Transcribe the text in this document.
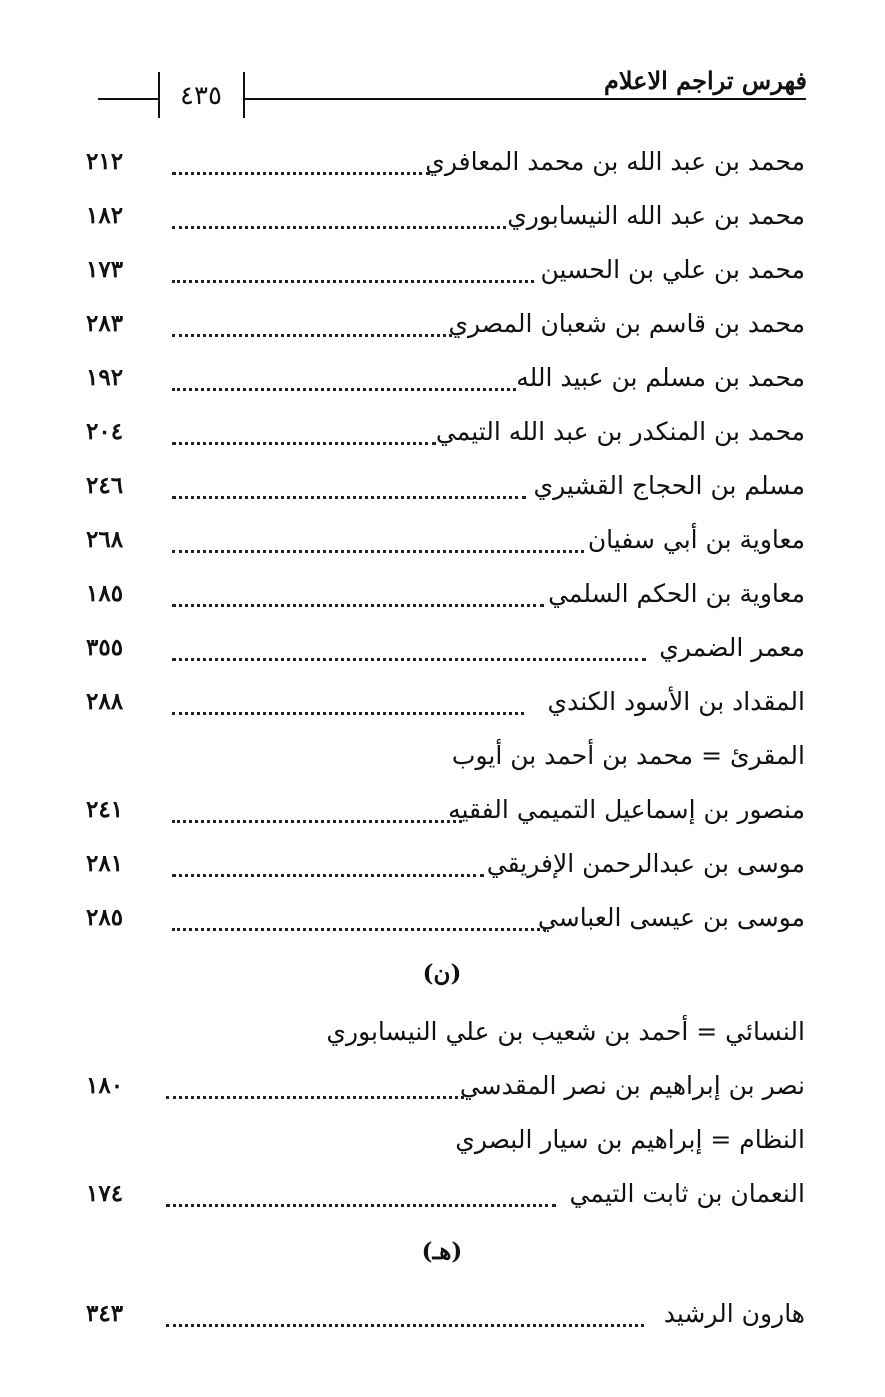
٤٣٥
فهرس تراجم الاعلام
محمد بن عبد الله بن محمد المعافري
٢١٢
محمد بن عبد الله النيسابوري
١٨٢
محمد بن علي بن الحسين
١٧٣
محمد بن قاسم بن شعبان المصري
٢٨٣
محمد بن مسلم بن عبيد الله
١٩٢
محمد بن المنكدر بن عبد الله التيمي
٢٠٤
مسلم بن الحجاج القشيري
٢٤٦
معاوية بن أبي سفيان
٢٦٨
معاوية بن الحكم السلمي
١٨٥
معمر الضمري
٣٥٥
المقداد بن الأسود الكندي
٢٨٨
المقرئ = محمد بن أحمد بن أيوب
منصور بن إسماعيل التميمي الفقيه
٢٤١
موسى بن عبدالرحمن الإفريقي
٢٨١
موسى بن عيسى العباسي
٢٨٥
(ن)
النسائي = أحمد بن شعيب بن علي النيسابوري
نصر بن إبراهيم بن نصر المقدسي
١٨٠
النظام = إبراهيم بن سيار البصري
النعمان بن ثابت التيمي
١٧٤
(هـ)
هارون الرشيد
٣٤٣
